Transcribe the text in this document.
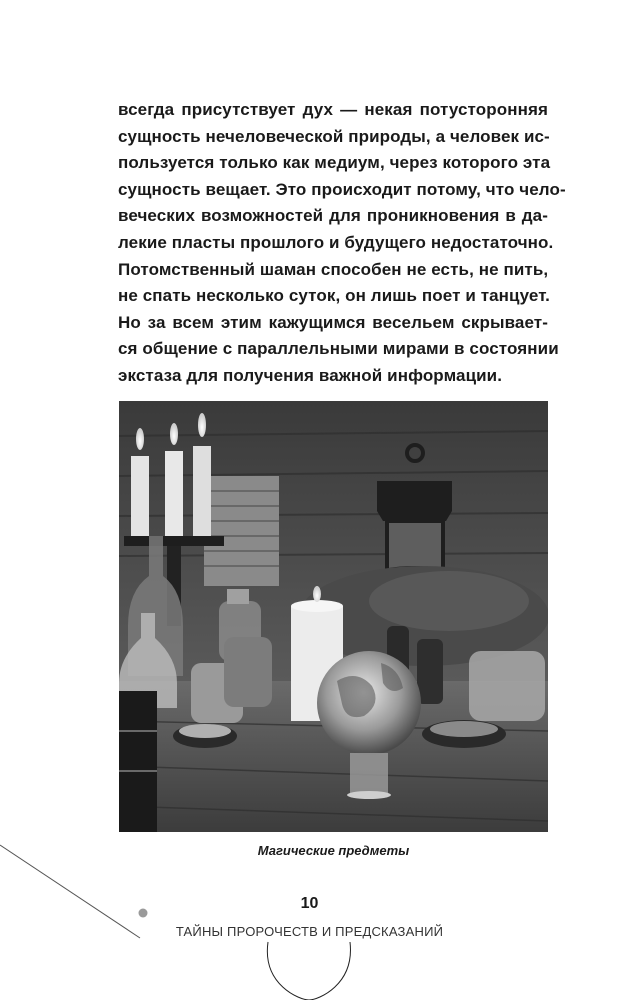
всегда присутствует дух — некая потусторонняя
сущность нечеловеческой природы, а человек ис-
пользуется только как медиум, через которого эта
сущность вещает. Это происходит потому, что чело-
веческих возможностей для проникновения в да-
лекие пласты прошлого и будущего недостаточно.
Потомственный шаман способен не есть, не пить,
не спать несколько суток, он лишь поет и танцует.
Но за всем этим кажущимся весельем скрывает-
ся общение с параллельными мирами в состоянии
экстаза для получения важной информации.
Магические предметы
10
ТАЙНЫ ПРОРОЧЕСТВ И ПРЕДСКАЗАНИЙ
